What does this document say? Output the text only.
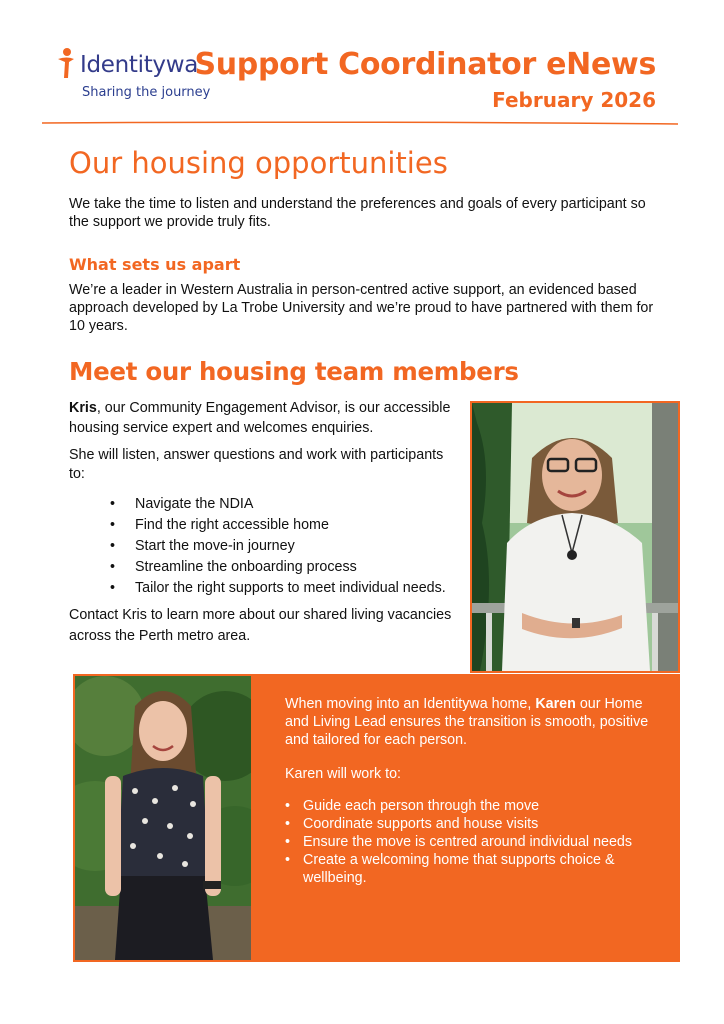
Identitywa
Sharing the journey
Support Coordinator eNews
February 2026
Our housing opportunities
We take the time to listen and understand the preferences and goals of every participant so the support we provide truly fits.
What sets us apart
We’re a leader in Western Australia in person-centred active support, an evidenced based approach developed by La Trobe University and we’re proud to have partnered with them for 10 years.
Meet our housing team members
Kris, our Community Engagement Advisor, is our accessible housing service expert and welcomes enquiries.
She will listen, answer questions and work with participants to:
• Navigate the NDIA
• Find the right accessible home
• Start the move-in journey
• Streamline the onboarding process
• Tailor the right supports to meet individual needs.
Contact Kris to learn more about our shared living vacancies across the Perth metro area.
When moving into an Identitywa home, Karen our Home and Living Lead ensures the transition is smooth, positive and tailored for each person.
Karen will work to:
• Guide each person through the move
• Coordinate supports and house visits
• Ensure the move is centred around individual needs
• Create a welcoming home that supports choice & wellbeing.
